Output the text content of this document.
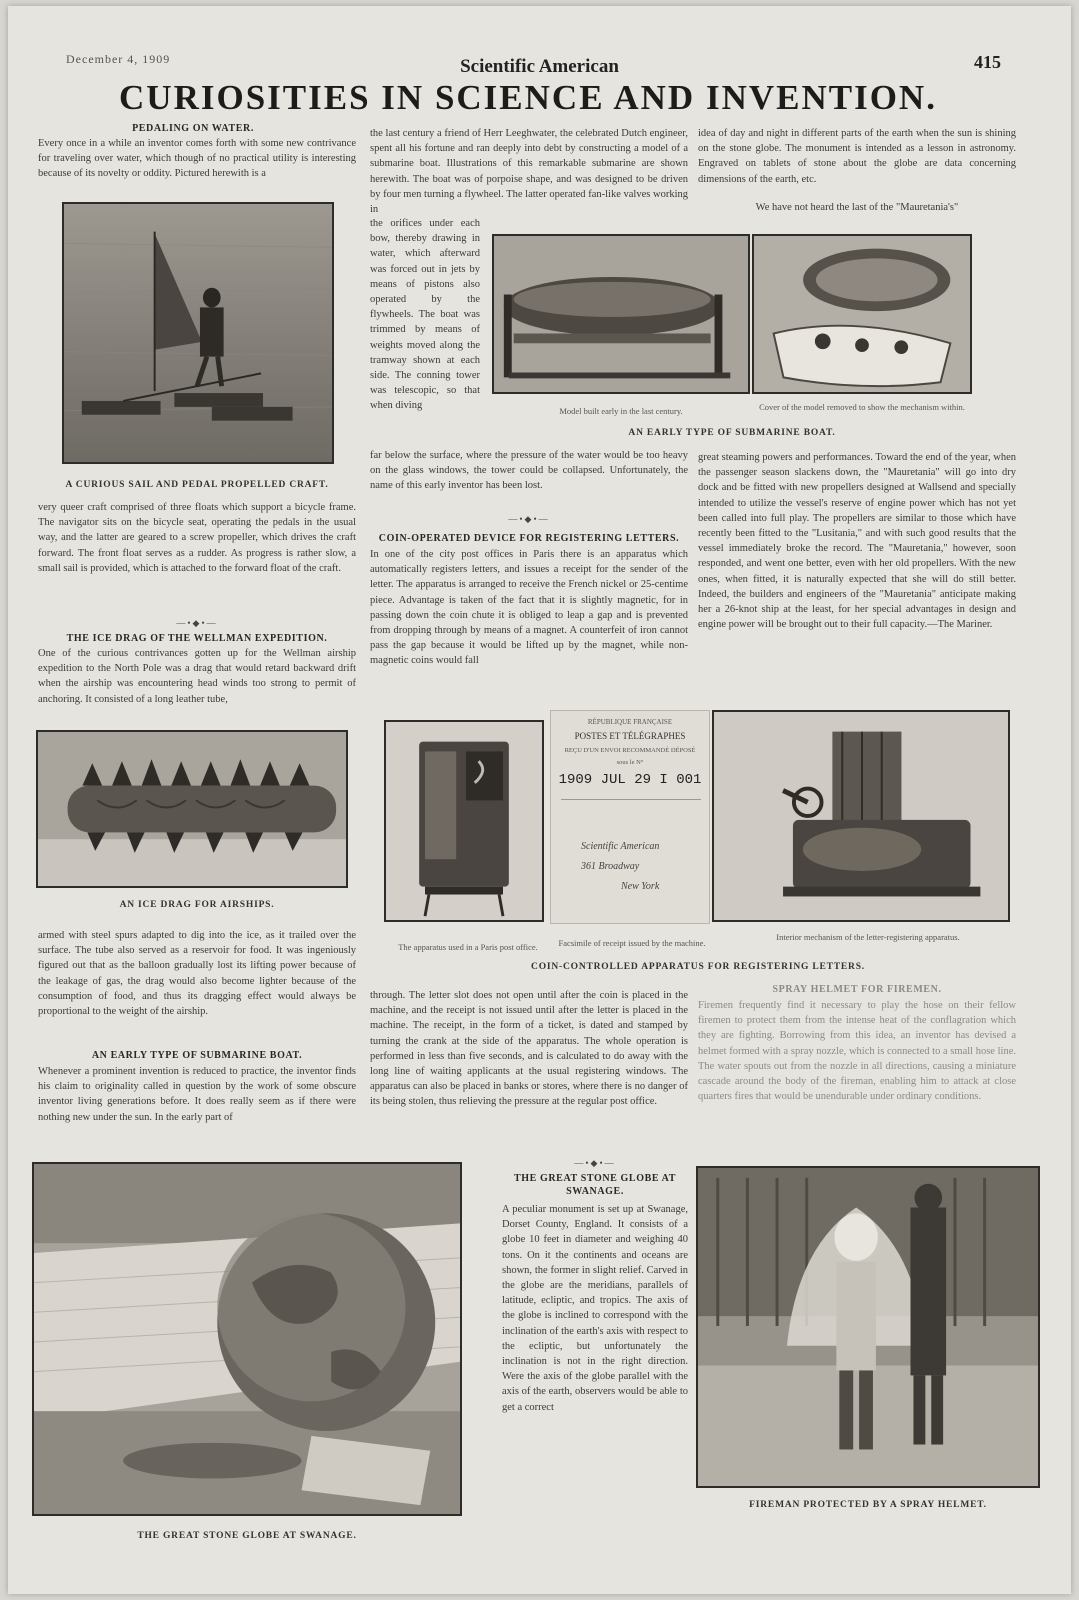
December 4, 1909	Scientific American	415
CURIOSITIES IN SCIENCE AND INVENTION.
PEDALING ON WATER.
Every once in a while an inventor comes forth with some new contrivance for traveling over water, which though of no practical utility is interesting because of its novelty or oddity. Pictured herewith is a
A CURIOUS SAIL AND PEDAL PROPELLED CRAFT.
very queer craft comprised of three floats which support a bicycle frame. The navigator sits on the bicycle seat, operating the pedals in the usual way, and the latter are geared to a screw propeller, which drives the craft forward. The front float serves as a rudder. As progress is rather slow, a small sail is provided, which is attached to the forward float of the craft.
—•◆•—
THE ICE DRAG OF THE WELLMAN EXPEDITION.
One of the curious contrivances gotten up for the Wellman airship expedition to the North Pole was a drag that would retard backward drift when the airship was encountering head winds too strong to permit of anchoring. It consisted of a long leather tube,
AN ICE DRAG FOR AIRSHIPS.
armed with steel spurs adapted to dig into the ice, as it trailed over the surface. The tube also served as a reservoir for food. It was ingeniously figured out that as the balloon gradually lost its lifting power because of the leakage of gas, the drag would also become lighter because of the consumption of food, and thus its dragging effect would always be proportional to the weight of the airship.
AN EARLY TYPE OF SUBMARINE BOAT.
Whenever a prominent invention is reduced to practice, the inventor finds his claim to originality called in question by the work of some obscure inventor living generations before. It does really seem as if there were nothing new under the sun. In the early part of
the last century a friend of Herr Leeghwater, the celebrated Dutch engineer, spent all his fortune and ran deeply into debt by constructing a model of a submarine boat. Illustrations of this remarkable submarine are shown herewith. The boat was of porpoise shape, and was designed to be driven by four men turning a flywheel. The latter operated fan-like valves working in
the orifices under each bow, thereby drawing in water, which afterward was forced out in jets by means of pistons also operated by the flywheels. The boat was trimmed by means of weights moved along the tramway shown at each side. The conning tower was telescopic, so that when diving
far below the surface, where the pressure of the water would be too heavy on the glass windows, the tower could be collapsed. Unfortunately, the name of this early inventor has been lost.
Model built early in the last century.	Cover of the model removed to show the mechanism within.
AN EARLY TYPE OF SUBMARINE BOAT.
—•◆•—
COIN-OPERATED DEVICE FOR REGISTERING LETTERS.
In one of the city post offices in Paris there is an apparatus which automatically registers letters, and issues a receipt for the sender of the letter. The apparatus is arranged to receive the French nickel or 25-centime piece. Advantage is taken of the fact that it is slightly magnetic, for in passing down the coin chute it is obliged to leap a gap and is prevented from dropping through by means of a magnet. A counterfeit of iron cannot pass the gap because it would be lifted up by the magnet, while non-magnetic coins would fall
RÉPUBLIQUE FRANÇAISE
POSTES ET TÉLÉGRAPHES
REÇU D'UN ENVOI RECOMMANDÉ DÉPOSÉ
sous le N°
1909 JUL 29 I 001
Scientific American
361 Broadway
New York
The apparatus used in a Paris post office.	Facsimile of receipt issued by the machine.
Interior mechanism of the letter-registering apparatus.
COIN-CONTROLLED APPARATUS FOR REGISTERING LETTERS.
through. The letter slot does not open until after the coin is placed in the machine, and the receipt is not issued until after the letter is placed in the machine. The receipt, in the form of a ticket, is dated and stamped by turning the crank at the side of the apparatus. The whole operation is performed in less than five seconds, and is calculated to do away with the long line of waiting applicants at the usual registering windows. The apparatus can also be placed in banks or stores, where there is no danger of its being stolen, thus relieving the pressure at the regular post office.
—•◆•—
THE GREAT STONE GLOBE AT SWANAGE.
A peculiar monument is set up at Swanage, Dorset County, England. It consists of a globe 10 feet in diameter and weighing 40 tons. On it the continents and oceans are shown, the former in slight relief. Carved in the globe are the meridians, parallels of latitude, ecliptic, and tropics. The axis of the globe is inclined to correspond with the inclination of the earth's axis with respect to the ecliptic, but unfortunately the inclination is not in the right direction. Were the axis of the globe parallel with the axis of the earth, observers would be able to get a correct
idea of day and night in different parts of the earth when the sun is shining on the stone globe. The monument is intended as a lesson in astronomy. Engraved on tablets of stone about the globe are data concerning dimensions of the earth, etc.
We have not heard the last of the "Mauretania's"
great steaming powers and performances. Toward the end of the year, when the passenger season slackens down, the "Mauretania" will go into dry dock and be fitted with new propellers designed at Wallsend and specially intended to utilize the vessel's reserve of engine power which has not yet been called into full play. The propellers are similar to those which have recently been fitted to the "Lusitania," and with such good results that the vessel immediately broke the record. The "Mauretania," however, soon responded, and went one better, even with her old propellers. With the new ones, when fitted, it is naturally expected that she will do still better. Indeed, the builders and engineers of the "Mauretania" anticipate making her a 26-knot ship at the least, for her special advantages in design and engine power will be brought out to their full capacity.—The Mariner.
SPRAY HELMET FOR FIREMEN.
Firemen frequently find it necessary to play the hose on their fellow firemen to protect them from the intense heat of the conflagration which they are fighting. Borrowing from this idea, an inventor has devised a helmet formed with a spray nozzle, which is connected to a small hose line. The water spouts out from the nozzle in all directions, causing a miniature cascade around the body of the fireman, enabling him to attack at close quarters fires that would be unendurable under ordinary conditions.
THE GREAT STONE GLOBE AT SWANAGE.
FIREMAN PROTECTED BY A SPRAY HELMET.
